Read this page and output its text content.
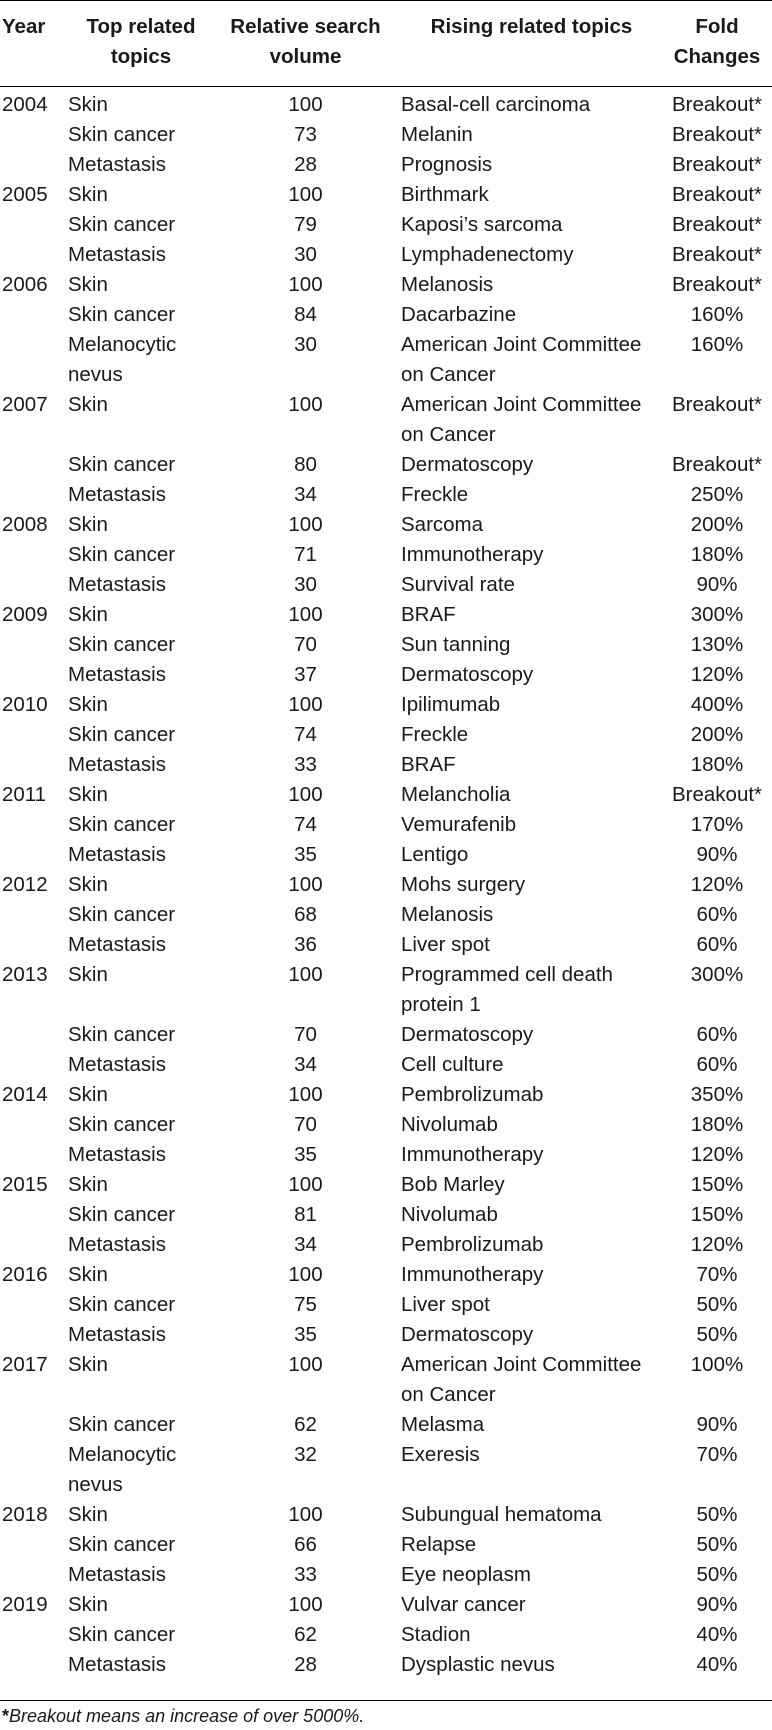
Year	Top related topics	Relative search volume	Rising related topics	Fold Changes
2004	Skin	100	Basal-cell carcinoma	Breakout*
	Skin cancer	73	Melanin	Breakout*
	Metastasis	28	Prognosis	Breakout*
2005	Skin	100	Birthmark	Breakout*
	Skin cancer	79	Kaposi’s sarcoma	Breakout*
	Metastasis	30	Lymphadenectomy	Breakout*
2006	Skin	100	Melanosis	Breakout*
	Skin cancer	84	Dacarbazine	160%
	Melanocytic nevus	30	American Joint Committee on Cancer	160%
2007	Skin	100	American Joint Committee on Cancer	Breakout*
	Skin cancer	80	Dermatoscopy	Breakout*
	Metastasis	34	Freckle	250%
2008	Skin	100	Sarcoma	200%
	Skin cancer	71	Immunotherapy	180%
	Metastasis	30	Survival rate	90%
2009	Skin	100	BRAF	300%
	Skin cancer	70	Sun tanning	130%
	Metastasis	37	Dermatoscopy	120%
2010	Skin	100	Ipilimumab	400%
	Skin cancer	74	Freckle	200%
	Metastasis	33	BRAF	180%
2011	Skin	100	Melancholia	Breakout*
	Skin cancer	74	Vemurafenib	170%
	Metastasis	35	Lentigo	90%
2012	Skin	100	Mohs surgery	120%
	Skin cancer	68	Melanosis	60%
	Metastasis	36	Liver spot	60%
2013	Skin	100	Programmed cell death protein 1	300%
	Skin cancer	70	Dermatoscopy	60%
	Metastasis	34	Cell culture	60%
2014	Skin	100	Pembrolizumab	350%
	Skin cancer	70	Nivolumab	180%
	Metastasis	35	Immunotherapy	120%
2015	Skin	100	Bob Marley	150%
	Skin cancer	81	Nivolumab	150%
	Metastasis	34	Pembrolizumab	120%
2016	Skin	100	Immunotherapy	70%
	Skin cancer	75	Liver spot	50%
	Metastasis	35	Dermatoscopy	50%
2017	Skin	100	American Joint Committee on Cancer	100%
	Skin cancer	62	Melasma	90%
	Melanocytic nevus	32	Exeresis	70%
2018	Skin	100	Subungual hematoma	50%
	Skin cancer	66	Relapse	50%
	Metastasis	33	Eye neoplasm	50%
2019	Skin	100	Vulvar cancer	90%
	Skin cancer	62	Stadion	40%
	Metastasis	28	Dysplastic nevus	40%
*Breakout means an increase of over 5000%.
